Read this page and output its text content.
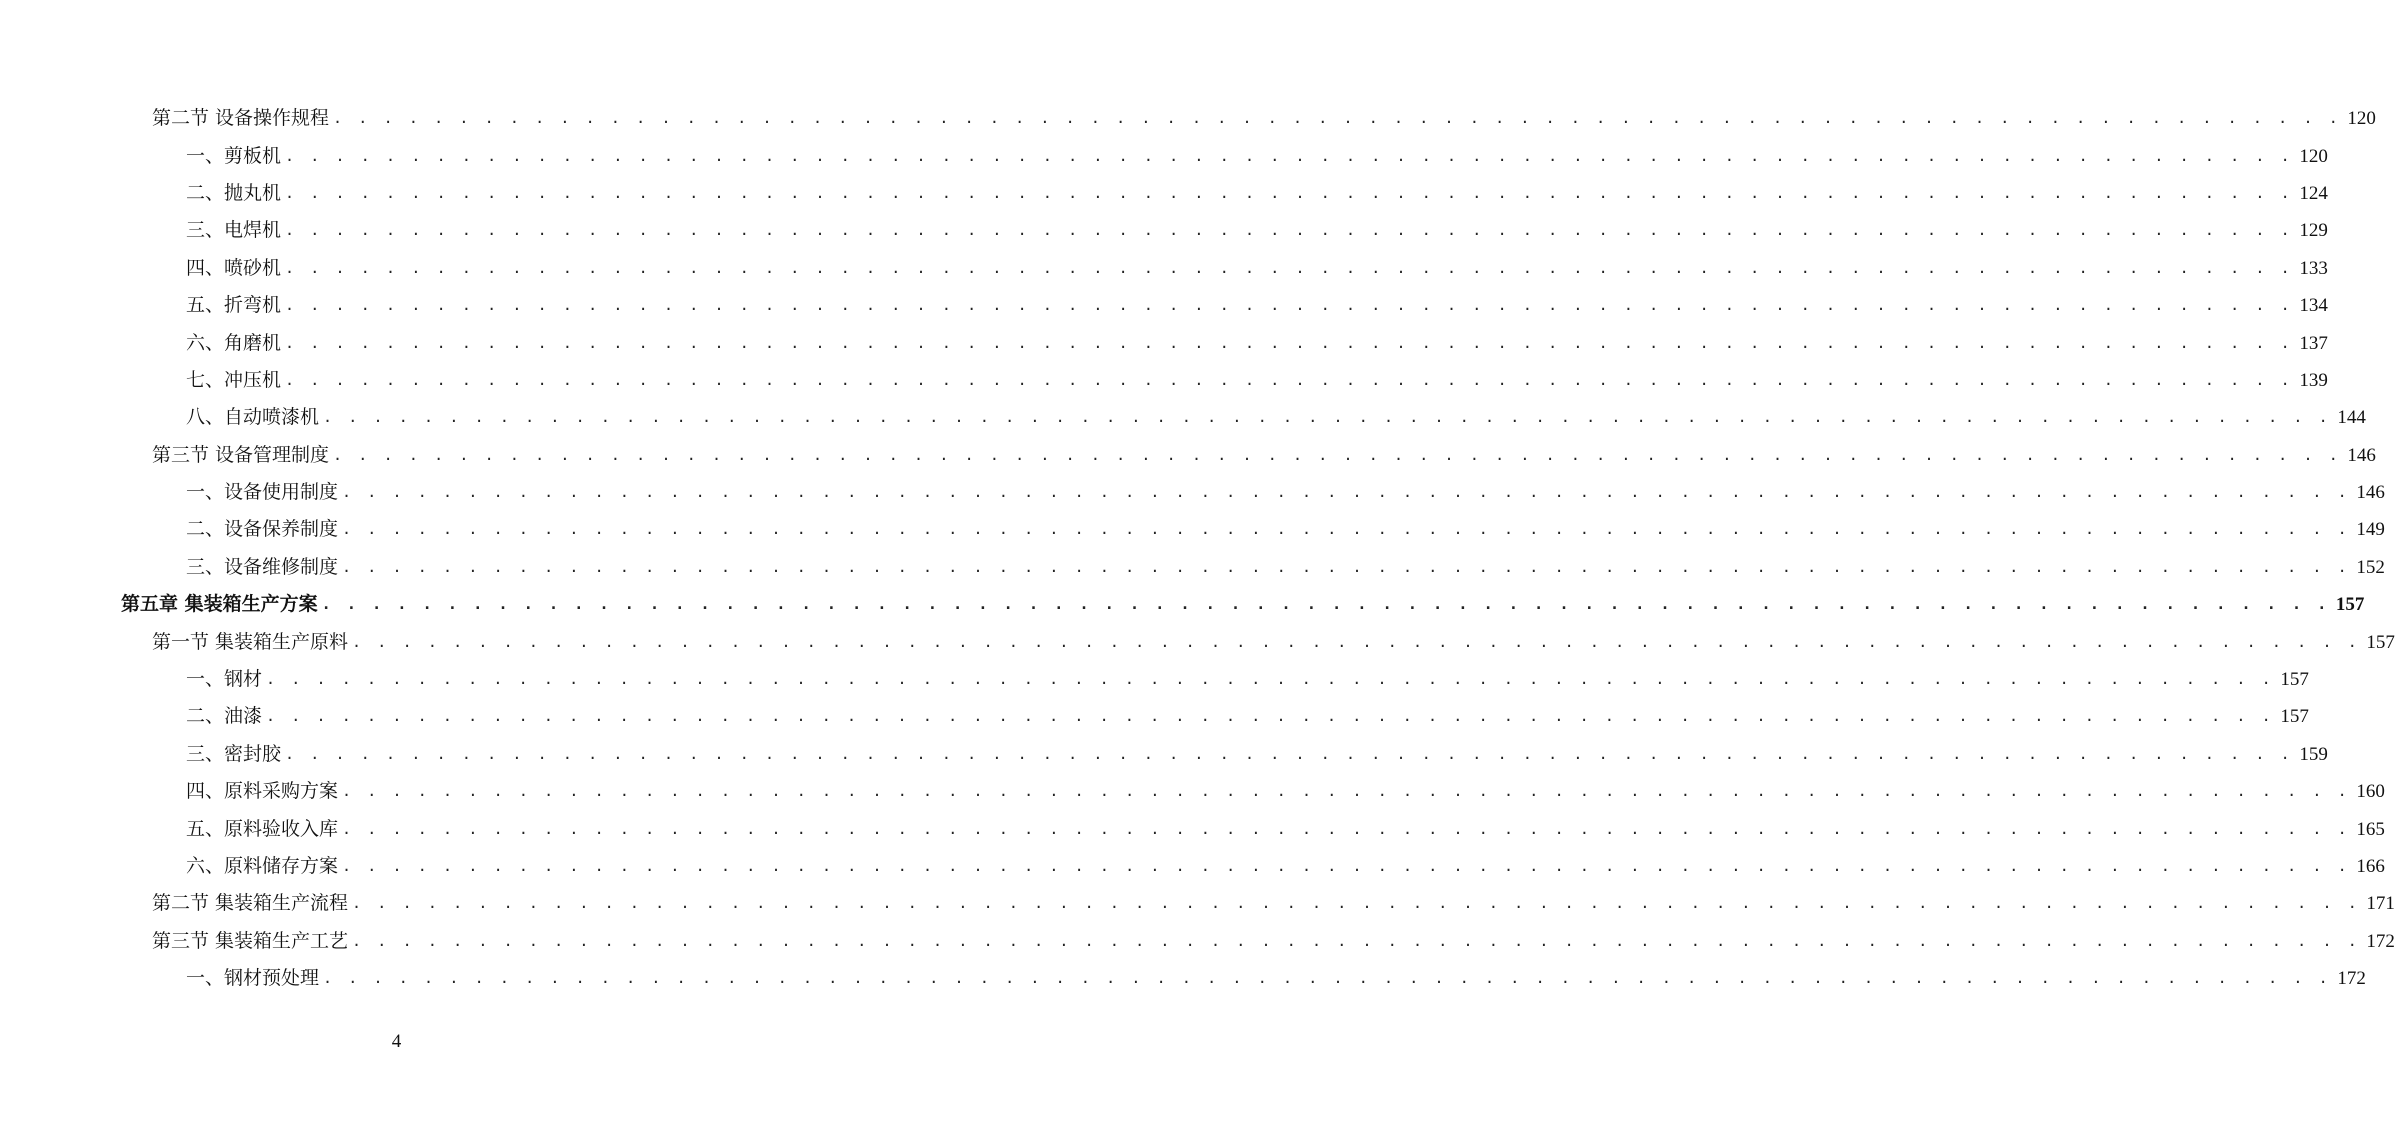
第二节 设备操作规程 . . . . . . . . . . . . . . . . . . . . . . . . . . . . . . . . . . . . . . . . . . . . . . . . . . . . . . . . . . . . . . . . . . . . . . . . . . . . . . . . 120
一、剪板机 . . . . . . . . . . . . . . . . . . . . . . . . . . . . . . . . . . . . . . . . . . . . . . . . . . . . . . . . . . . . . . . . . . . . . . . . . . . . . . . . 120
二、抛丸机 . . . . . . . . . . . . . . . . . . . . . . . . . . . . . . . . . . . . . . . . . . . . . . . . . . . . . . . . . . . . . . . . . . . . . . . . . . . . . . . . 124
三、电焊机 . . . . . . . . . . . . . . . . . . . . . . . . . . . . . . . . . . . . . . . . . . . . . . . . . . . . . . . . . . . . . . . . . . . . . . . . . . . . . . . . 129
四、喷砂机 . . . . . . . . . . . . . . . . . . . . . . . . . . . . . . . . . . . . . . . . . . . . . . . . . . . . . . . . . . . . . . . . . . . . . . . . . . . . . . . . 133
五、折弯机 . . . . . . . . . . . . . . . . . . . . . . . . . . . . . . . . . . . . . . . . . . . . . . . . . . . . . . . . . . . . . . . . . . . . . . . . . . . . . . . . 134
六、角磨机 . . . . . . . . . . . . . . . . . . . . . . . . . . . . . . . . . . . . . . . . . . . . . . . . . . . . . . . . . . . . . . . . . . . . . . . . . . . . . . . . 137
七、冲压机 . . . . . . . . . . . . . . . . . . . . . . . . . . . . . . . . . . . . . . . . . . . . . . . . . . . . . . . . . . . . . . . . . . . . . . . . . . . . . . . . 139
八、自动喷漆机 . . . . . . . . . . . . . . . . . . . . . . . . . . . . . . . . . . . . . . . . . . . . . . . . . . . . . . . . . . . . . . . . . . . . . . . . . . . . . . . . 144
第三节 设备管理制度 . . . . . . . . . . . . . . . . . . . . . . . . . . . . . . . . . . . . . . . . . . . . . . . . . . . . . . . . . . . . . . . . . . . . . . . . . . . . . . . . 146
一、设备使用制度 . . . . . . . . . . . . . . . . . . . . . . . . . . . . . . . . . . . . . . . . . . . . . . . . . . . . . . . . . . . . . . . . . . . . . . . . . . . . . . . . 146
二、设备保养制度 . . . . . . . . . . . . . . . . . . . . . . . . . . . . . . . . . . . . . . . . . . . . . . . . . . . . . . . . . . . . . . . . . . . . . . . . . . . . . . . . 149
三、设备维修制度 . . . . . . . . . . . . . . . . . . . . . . . . . . . . . . . . . . . . . . . . . . . . . . . . . . . . . . . . . . . . . . . . . . . . . . . . . . . . . . . . 152
第五章 集装箱生产方案 . . . . . . . . . . . . . . . . . . . . . . . . . . . . . . . . . . . . . . . . . . . . . . . . . . . . . . . . . . . . . . . . . . . . . . . . . . . . . . . . 157
第一节 集装箱生产原料 . . . . . . . . . . . . . . . . . . . . . . . . . . . . . . . . . . . . . . . . . . . . . . . . . . . . . . . . . . . . . . . . . . . . . . . . . . . . . . . . 157
一、钢材 . . . . . . . . . . . . . . . . . . . . . . . . . . . . . . . . . . . . . . . . . . . . . . . . . . . . . . . . . . . . . . . . . . . . . . . . . . . . . . . . 157
二、油漆 . . . . . . . . . . . . . . . . . . . . . . . . . . . . . . . . . . . . . . . . . . . . . . . . . . . . . . . . . . . . . . . . . . . . . . . . . . . . . . . . 157
三、密封胶 . . . . . . . . . . . . . . . . . . . . . . . . . . . . . . . . . . . . . . . . . . . . . . . . . . . . . . . . . . . . . . . . . . . . . . . . . . . . . . . . 159
四、原料采购方案 . . . . . . . . . . . . . . . . . . . . . . . . . . . . . . . . . . . . . . . . . . . . . . . . . . . . . . . . . . . . . . . . . . . . . . . . . . . . . . . . 160
五、原料验收入库 . . . . . . . . . . . . . . . . . . . . . . . . . . . . . . . . . . . . . . . . . . . . . . . . . . . . . . . . . . . . . . . . . . . . . . . . . . . . . . . . 165
六、原料储存方案 . . . . . . . . . . . . . . . . . . . . . . . . . . . . . . . . . . . . . . . . . . . . . . . . . . . . . . . . . . . . . . . . . . . . . . . . . . . . . . . . 166
第二节 集装箱生产流程 . . . . . . . . . . . . . . . . . . . . . . . . . . . . . . . . . . . . . . . . . . . . . . . . . . . . . . . . . . . . . . . . . . . . . . . . . . . . . . . . 171
第三节 集装箱生产工艺 . . . . . . . . . . . . . . . . . . . . . . . . . . . . . . . . . . . . . . . . . . . . . . . . . . . . . . . . . . . . . . . . . . . . . . . . . . . . . . . . 172
一、钢材预处理 . . . . . . . . . . . . . . . . . . . . . . . . . . . . . . . . . . . . . . . . . . . . . . . . . . . . . . . . . . . . . . . . . . . . . . . . . . . . . . . . 172
4
